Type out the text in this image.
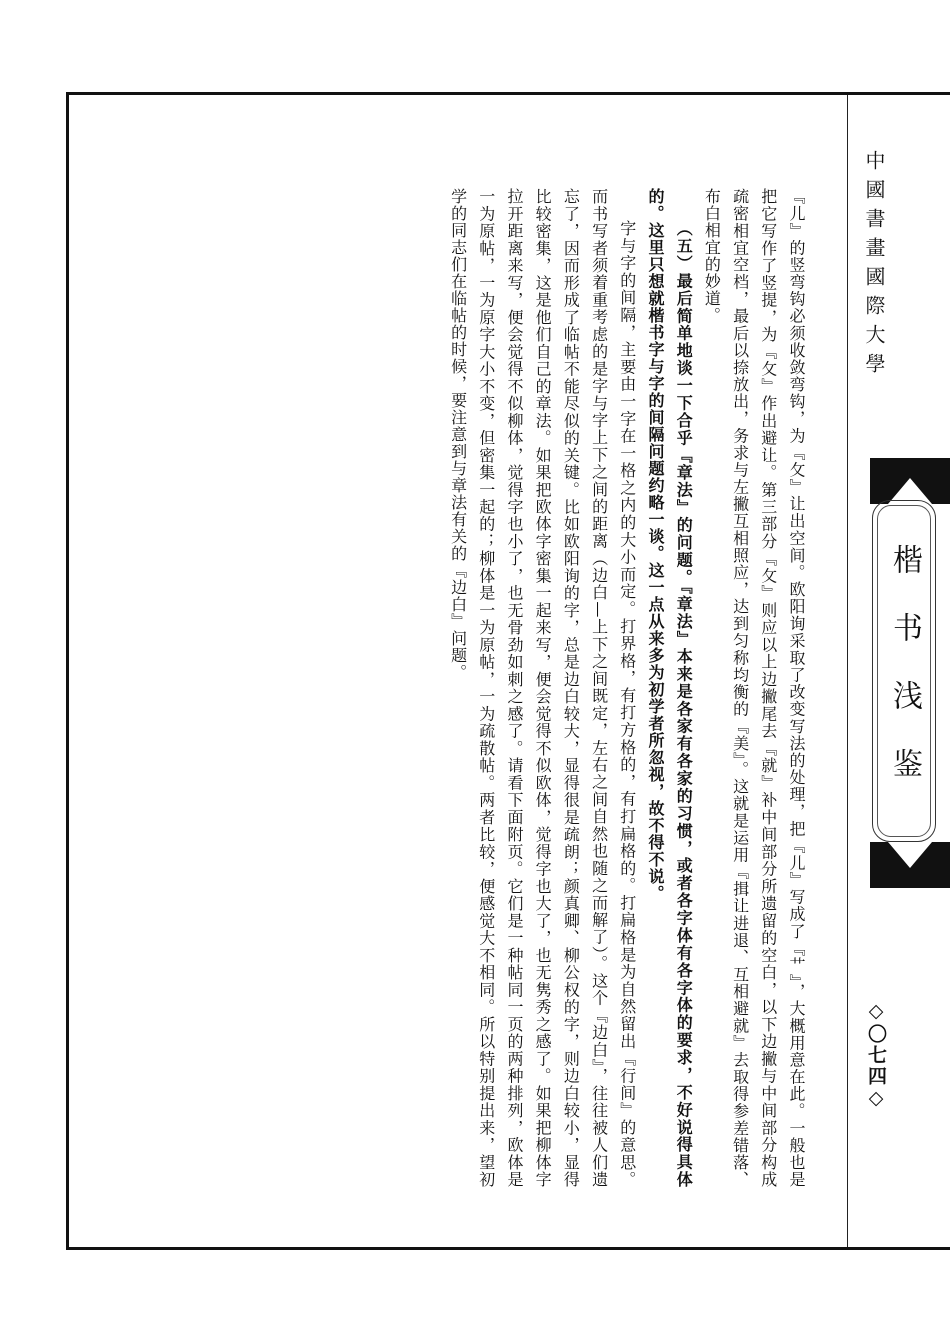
中國書畫國際大學
楷书浅鉴
◇〇七四◇

『儿』的竖弯钩必须收敛弯钩，为『攵』让出空间。欧阳询采取了改变写法的处理，把『儿』写成了『⺾』，大概用意在此。一般也是把它写作了竖提，为『攵』作出避让。第三部分『攵』则应以上边撇尾去『就』补中间部分所遗留的空白，以下边撇与中间部分构成疏密相宜空档，最后以捺放出，务求与左撇互相照应，达到匀称均衡的『美』。这就是运用『揖让进退、互相避就』去取得参差错落、布白相宜的妙道。

（五）最后简单地谈一下合乎『章法』的问题。『章法』本来是各家有各家的习惯，或者各字体有各字体的要求，不好说得具体的。这里只想就楷书字与字的间隔问题约略一谈。这一点从来多为初学者所忽视，故不得不说。

字与字的间隔，主要由一字在一格之内的大小而定。打界格，有打方格的，有打扁格的。打扁格是为自然留出『行间』的意思。而书写者须着重考虑的是字与字上下之间的距离（边白—上下之间既定，左右之间自然也随之而解了）。这个『边白』，往往被人们遗忘了，因而形成了临帖不能尽似的关键。比如欧阳询的字，总是边白较大，显得很是疏朗；颜真卿、柳公权的字，则边白较小，显得比较密集，这是他们自己的章法。如果把欧体字密集一起来写，便会觉得不似欧体，觉得字也大了，也无隽秀之感了。如果把柳体字拉开距离来写，便会觉得不似柳体，觉得字也小了，也无骨劲如刺之感了。请看下面附页。它们是一种帖同一页的两种排列，欧体是一为原帖，一为原字大小不变，但密集一起的；柳体是一为原帖，一为疏散帖。两者比较，便感觉大不相同。所以特别提出来，望初学的同志们在临帖的时候，要注意到与章法有关的『边白』问题。
